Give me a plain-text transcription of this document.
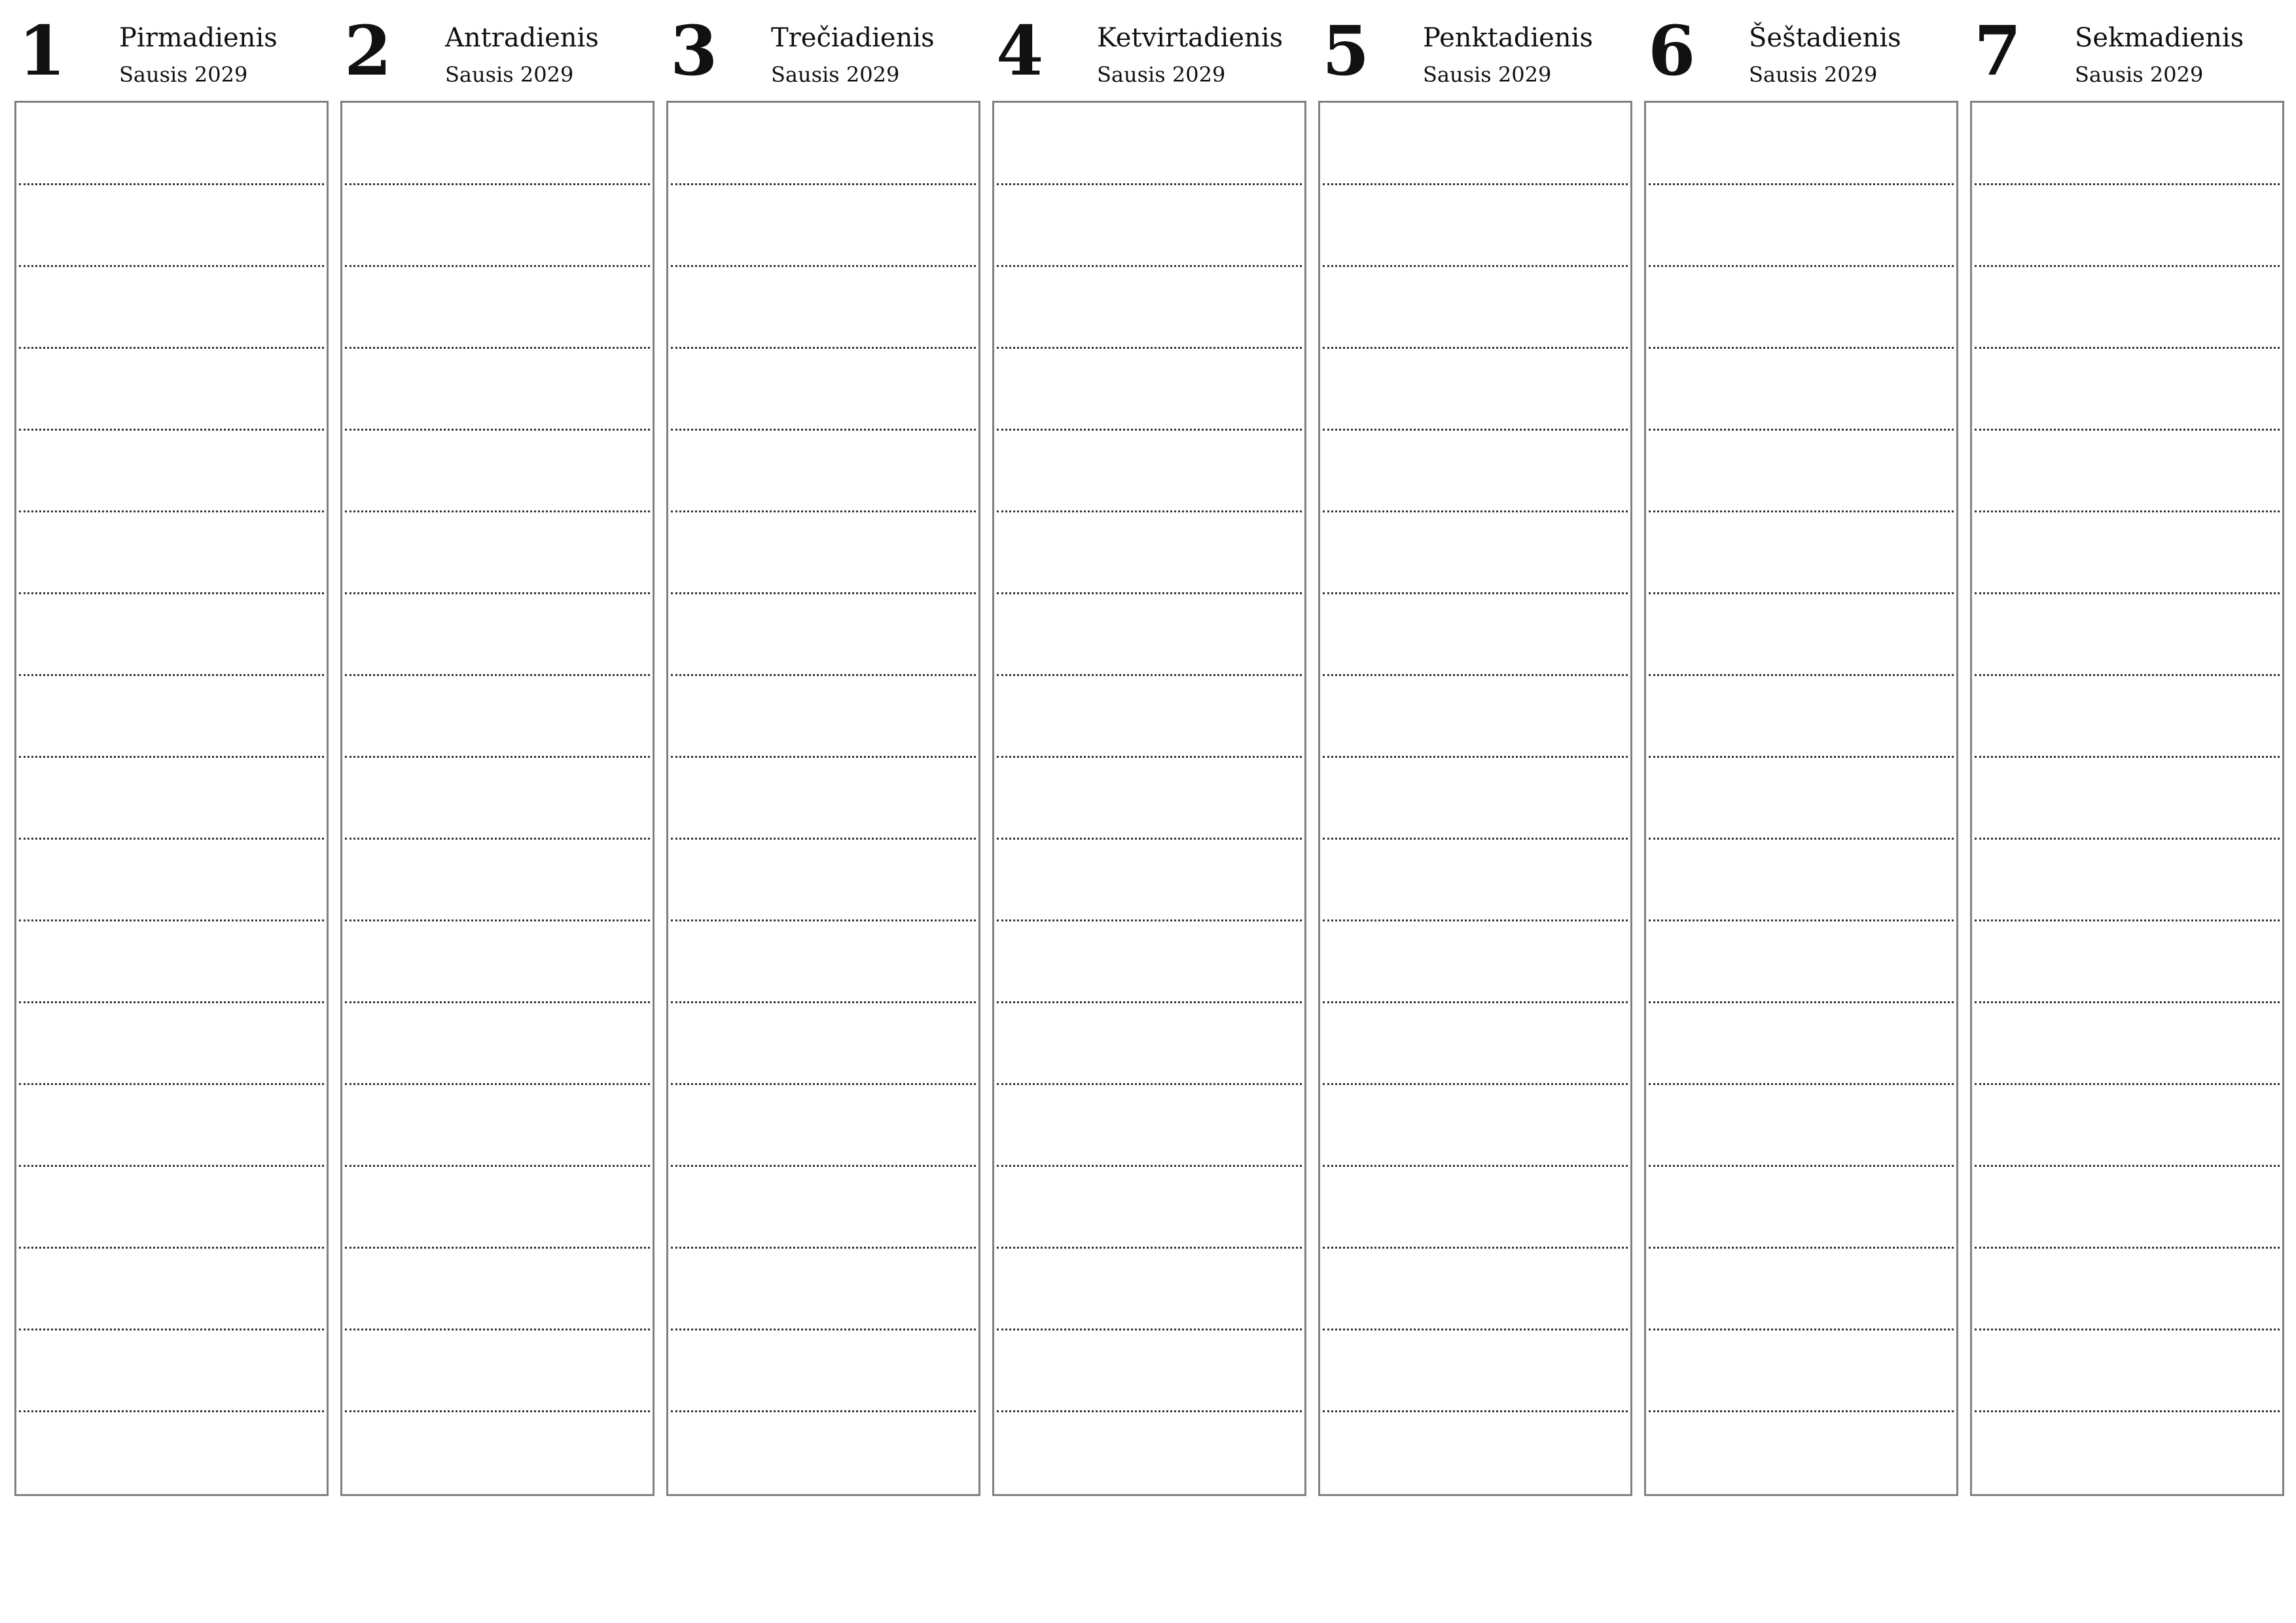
1 Pirmadienis
Sausis 2029 2 Antradienis
Sausis 2029 3 Trečiadienis
Sausis 2029 4 Ketvirtadienis
Sausis 2029 5 Penktadienis
Sausis 2029 6 Šeštadienis
Sausis 2029 7 Sekmadienis
Sausis 2029
